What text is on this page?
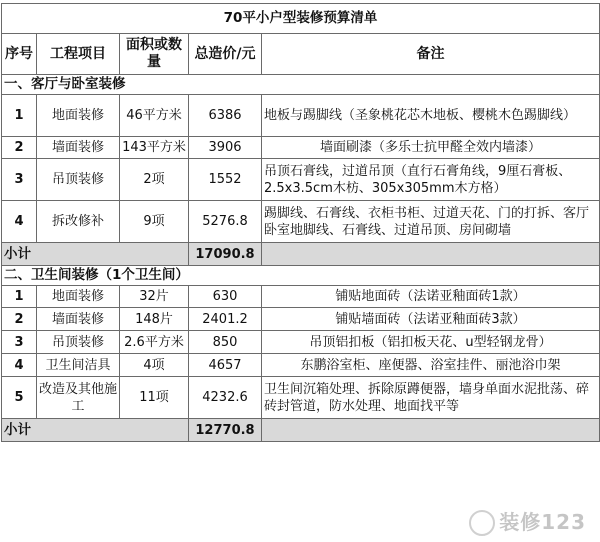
70平小户型装修预算清单				
序号	工程项目	面积或数量	总造价/元	备注
一、客厅与卧室装修				
1	地面装修	46平方米	6386	地板与踢脚线（圣象桃花芯木地板、樱桃木色踢脚线）
2	墙面装修	143平方米	3906	墙面刷漆（多乐士抗甲醛全效内墙漆）
3	吊顶装修	2项	1552	吊顶石膏线，过道吊顶（直行石膏角线，9厘石膏板、2.5x3.5cm木枋、305x305mm木方格）
4	拆改修补	9项	5276.8	踢脚线、石膏线、衣柜书柜、过道天花、门的打拆、客厅卧室地脚线、石膏线、过道吊顶、房间砌墙
小计			17090.8	
二、卫生间装修（1个卫生间）				
1	地面装修	32片	630	铺贴地面砖（法诺亚釉面砖1款）
2	墙面装修	148片	2401.2	铺贴墙面砖（法诺亚釉面砖3款）
3	吊顶装修	2.6平方米	850	吊顶铝扣板（铝扣板天花、u型轻钢龙骨）
4	卫生间洁具	4项	4657	东鹏浴室柜、座便器、浴室挂件、丽池浴巾架
5	改造及其他施工	11项	4232.6	卫生间沉箱处理、拆除原蹲便器，墙身单面水泥批荡、碎砖封管道，防水处理、地面找平等
小计			12770.8	
装修123
